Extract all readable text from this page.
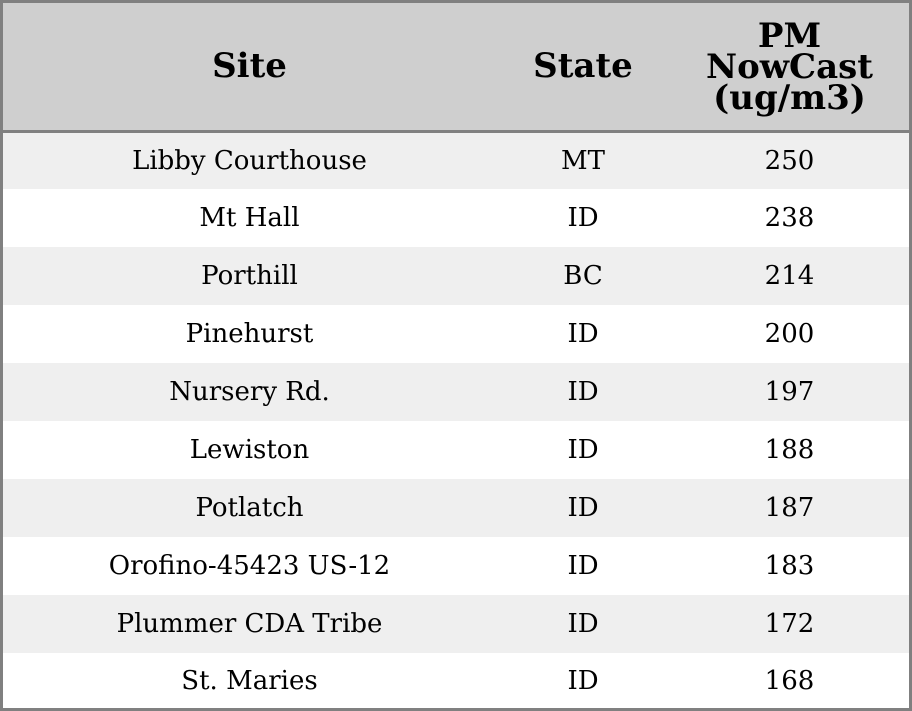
Site	State	PM
NowCast
(ug/m3)

Libby Courthouse	MT	250
Mt Hall	ID	238
Porthill	BC	214
Pinehurst	ID	200
Nursery Rd.	ID	197
Lewiston	ID	188
Potlatch	ID	187
Orofino-45423 US-12	ID	183
Plummer CDA Tribe	ID	172
St. Maries	ID	168
